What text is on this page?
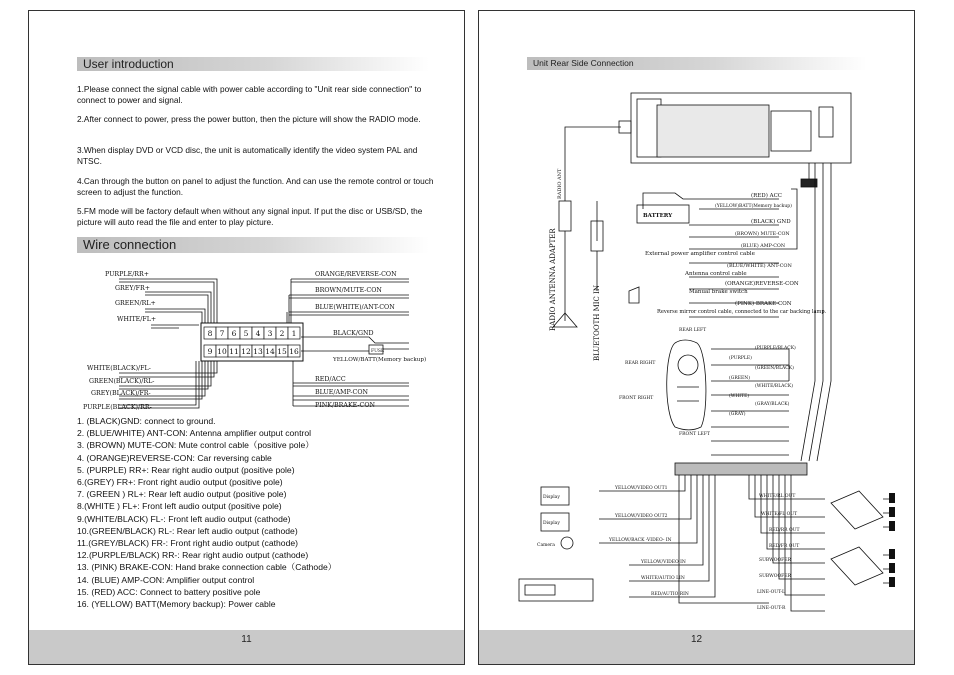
User introduction
1.Please connect the signal cable with power cable according to "Unit rear side connection" to connect to power and signal.
2.After connect to power, press the power button, then the picture will show the RADIO mode.
3.When display DVD or VCD disc, the unit is automatically identify the video system PAL and NTSC.
4.Can through the button on panel to adjust the function. And can use the remote control or touch screen to adjust the function.
5.FM mode will be factory default when without any signal input. If put the disc or USB/SD, the picture will auto read the file and enter to play picture.
Wire connection
8 7 6 5 4 3 2 1
9 10 11 12 13 14 15 16
PURPLE/RR+
GREY/FR+
GREEN/RL+
WHITE/FL+
WHITE(BLACK)/FL-
GREEN(BLACK)/RL-
GREY(BLACK)/FR-
PURPLE(BLACK)/RR-
ORANGE/REVERSE-CON
BROWN/MUTE-CON
BLUE(WHITE)/ANT-CON
BLACK/GND
YELLOW/BATT(Memory backup)
RED/ACC
BLUE/AMP-CON
PINK/BRAKE-CON
FUSE
1. (BLACK)GND: connect to ground.
2. (BLUE/WHITE) ANT-CON: Antenna amplifier output control
3. (BROWN) MUTE-CON: Mute control cable（positive pole）
4. (ORANGE)REVERSE-CON: Car reversing cable
5. (PURPLE) RR+: Rear right audio output (positive pole)
6.(GREY) FR+: Front right audio output (positive pole)
7. (GREEN ) RL+: Rear left audio output (positive pole)
8.(WHITE ) FL+: Front left audio output (positive pole)
9.(WHITE/BLACK) FL-: Front left audio output (cathode)
10.(GREEN/BLACK) RL-: Rear left audio output (cathode)
11.(GREY/BLACK) FR-: Front right audio output (cathode)
12.(PURPLE/BLACK) RR-: Rear right audio output (cathode)
13. (PINK) BRAKE-CON: Hand brake connection cable（Cathode）
14. (BLUE) AMP-CON: Amplifier output control
15. (RED) ACC: Connect to battery positive pole
16. (YELLOW) BATT(Memory backup): Power cable
11
Unit Rear Side Connection
RADIO ANTENNA ADAPTER
RADIO ANT
BLUETOOTH MIC IN
BATTERY
(RED) ACC
(YELLOW)BATT(Memory backup)
(BLACK) GND
(BROWN) MUTE-CON
(BLUE) AMP-CON
External power amplifier control cable
(BLUE/WHITE) ANT-CON
Antenna control cable
(ORANGE)REVERSE-CON
Manual brake switch
(PINK) BRAKE-CON
Reverse mirror control cable, connected to the car backing lamp.
REAR LEFT
REAR RIGHT
FRONT RIGHT
FRONT LEFT
(PURPLE/BLACK)
(PURPLE)
(GREEN/BLACK)
(GREEN)
(WHITE/BLACK)
(WHITE)
(GRAY/BLACK)
(GRAY)
Display
Display
Camera
YELLOW/VIDEO OUT1
YELLOW/VIDEO OUT2
YELLOW/BACK -VIDEO- IN
YELLOW/VIDEO IN
WHITE/AUTIO LIN
RED/AUTIO RIN
WHITE/RL OUT
WHITE/FL OUT
RED/RR OUT
RED/FR OUT
SUBWOOFER
SUBWOOFER
LINE-OUT-L
LINE-OUT-R
12
